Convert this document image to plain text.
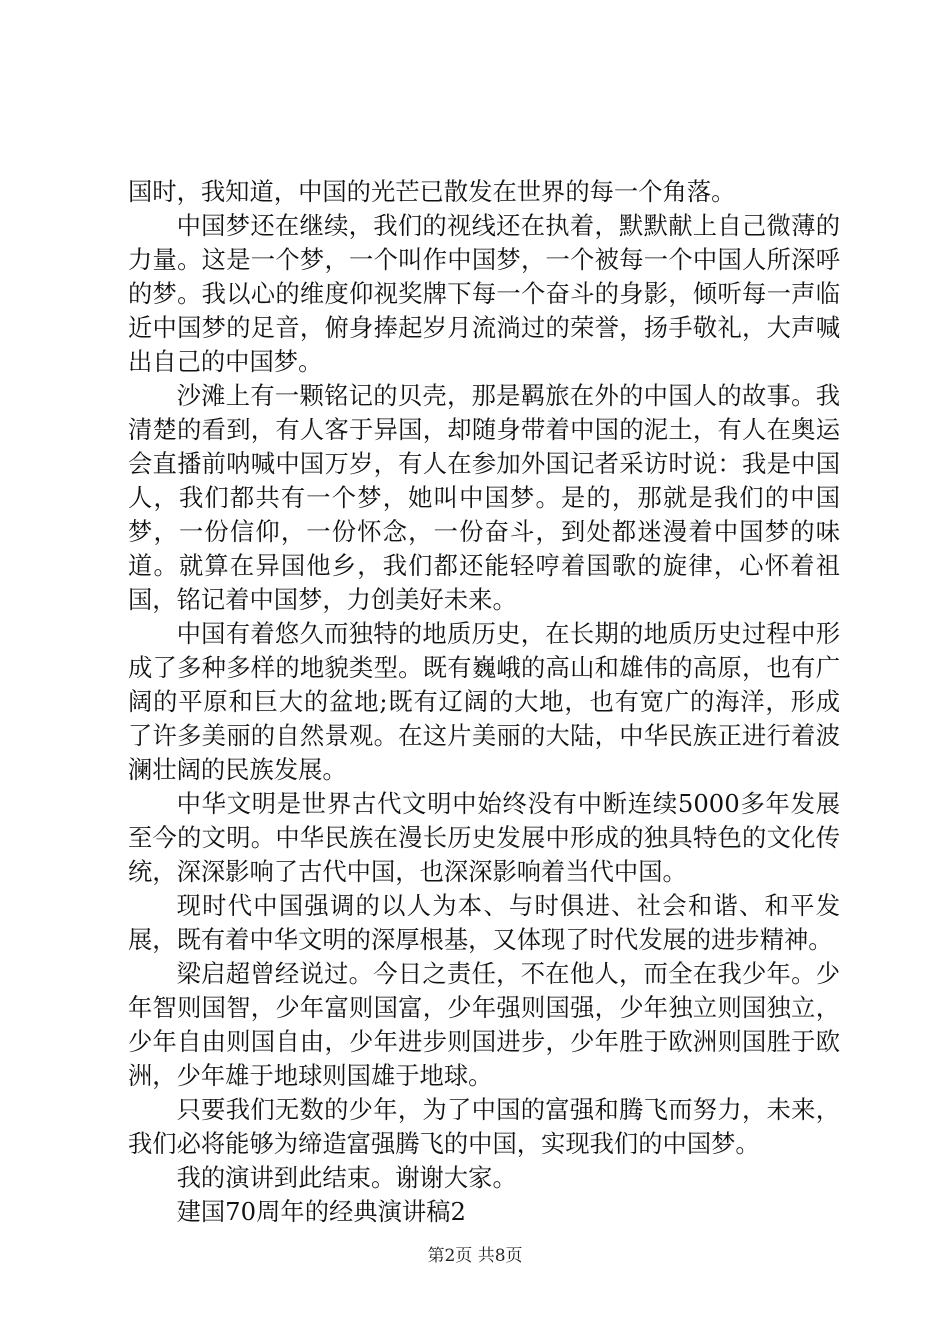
国时，我知道，中国的光芒已散发在世界的每一个角落。

中国梦还在继续，我们的视线还在执着，默默献上自己微薄的力量。这是一个梦，一个叫作中国梦，一个被每一个中国人所深呼的梦。我以心的维度仰视奖牌下每一个奋斗的身影，倾听每一声临近中国梦的足音，俯身捧起岁月流淌过的荣誉，扬手敬礼，大声喊出自己的中国梦。

沙滩上有一颗铭记的贝壳，那是羁旅在外的中国人的故事。我清楚的看到，有人客于异国，却随身带着中国的泥土，有人在奥运会直播前呐喊中国万岁，有人在参加外国记者采访时说：我是中国人，我们都共有一个梦，她叫中国梦。是的，那就是我们的中国梦，一份信仰，一份怀念，一份奋斗，到处都迷漫着中国梦的味道。就算在异国他乡，我们都还能轻哼着国歌的旋律，心怀着祖国，铭记着中国梦，力创美好未来。

中国有着悠久而独特的地质历史，在长期的地质历史过程中形成了多种多样的地貌类型。既有巍峨的高山和雄伟的高原，也有广阔的平原和巨大的盆地;既有辽阔的大地，也有宽广的海洋，形成了许多美丽的自然景观。在这片美丽的大陆，中华民族正进行着波澜壮阔的民族发展。

中华文明是世界古代文明中始终没有中断连续5000多年发展至今的文明。中华民族在漫长历史发展中形成的独具特色的文化传统，深深影响了古代中国，也深深影响着当代中国。

现时代中国强调的以人为本、与时俱进、社会和谐、和平发展，既有着中华文明的深厚根基，又体现了时代发展的进步精神。

梁启超曾经说过。今日之责任，不在他人，而全在我少年。少年智则国智，少年富则国富，少年强则国强，少年独立则国独立，少年自由则国自由，少年进步则国进步，少年胜于欧洲则国胜于欧洲，少年雄于地球则国雄于地球。

只要我们无数的少年，为了中国的富强和腾飞而努力，未来，我们必将能够为缔造富强腾飞的中国，实现我们的中国梦。

我的演讲到此结束。谢谢大家。

建国70周年的经典演讲稿2

第2页 共8页
